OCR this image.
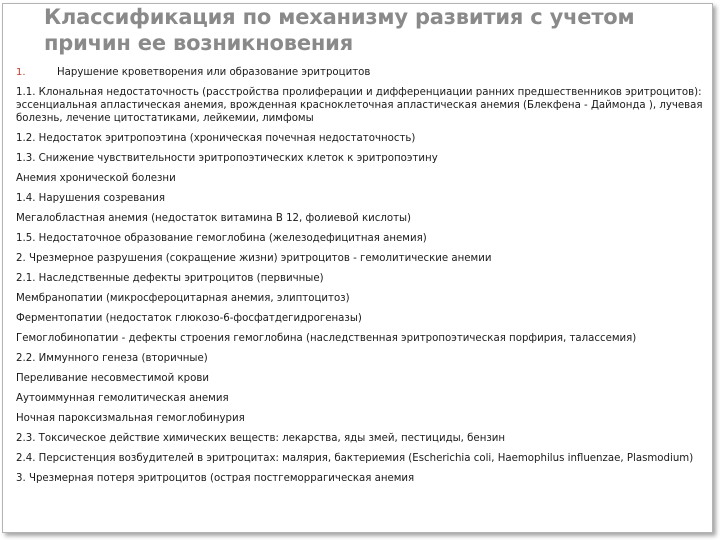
Классификация по механизму развития с учетом причин ее возникновения
1.	Нарушение кроветворения или образование эритроцитов
1.1. Клональная недостаточность (расстройства пролиферации и дифференциации ранних предшественников эритроцитов): эссенциальная апластическая анемия, врожденная красноклеточная апластическая анемия (Блекфена - Даймонда ), лучевая болезнь, лечение цитостатиками, лейкемии, лимфомы
1.2. Недостаток эритропоэтина (хроническая почечная недостаточность)
1.3. Снижение чувствительности эритропоэтических клеток к эритропоэтину
Анемия хронической болезни
1.4. Нарушения созревания
Мегалобластная анемия (недостаток витамина В 12, фолиевой кислоты)
1.5. Недостаточное образование гемоглобина (железодефицитная анемия)
2. Чрезмерное разрушения (сокращение жизни) эритроцитов - гемолитические анемии
2.1. Наследственные дефекты эритроцитов (первичные)
Мембранопатии (микросфероцитарная анемия, элиптоцитоз)
Ферментопатии (недостаток глюкозо-6-фосфатдегидрогеназы)
Гемоглобинопатии - дефекты строения гемоглобина (наследственная эритропоэтическая порфирия, талассемия)
2.2. Иммунного генеза (вторичные)
Переливание несовместимой крови
Аутоиммунная гемолитическая анемия
Ночная пароксизмальная гемоглобинурия
2.3. Токсическое действие химических веществ: лекарства, яды змей, пестициды, бензин
2.4. Персистенция возбудителей в эритроцитах: малярия, бактериемия (Escherichia coli, Haemophilus influenzae, Plasmodium)
3. Чрезмерная потеря эритроцитов (острая постгеморрагическая анемия
